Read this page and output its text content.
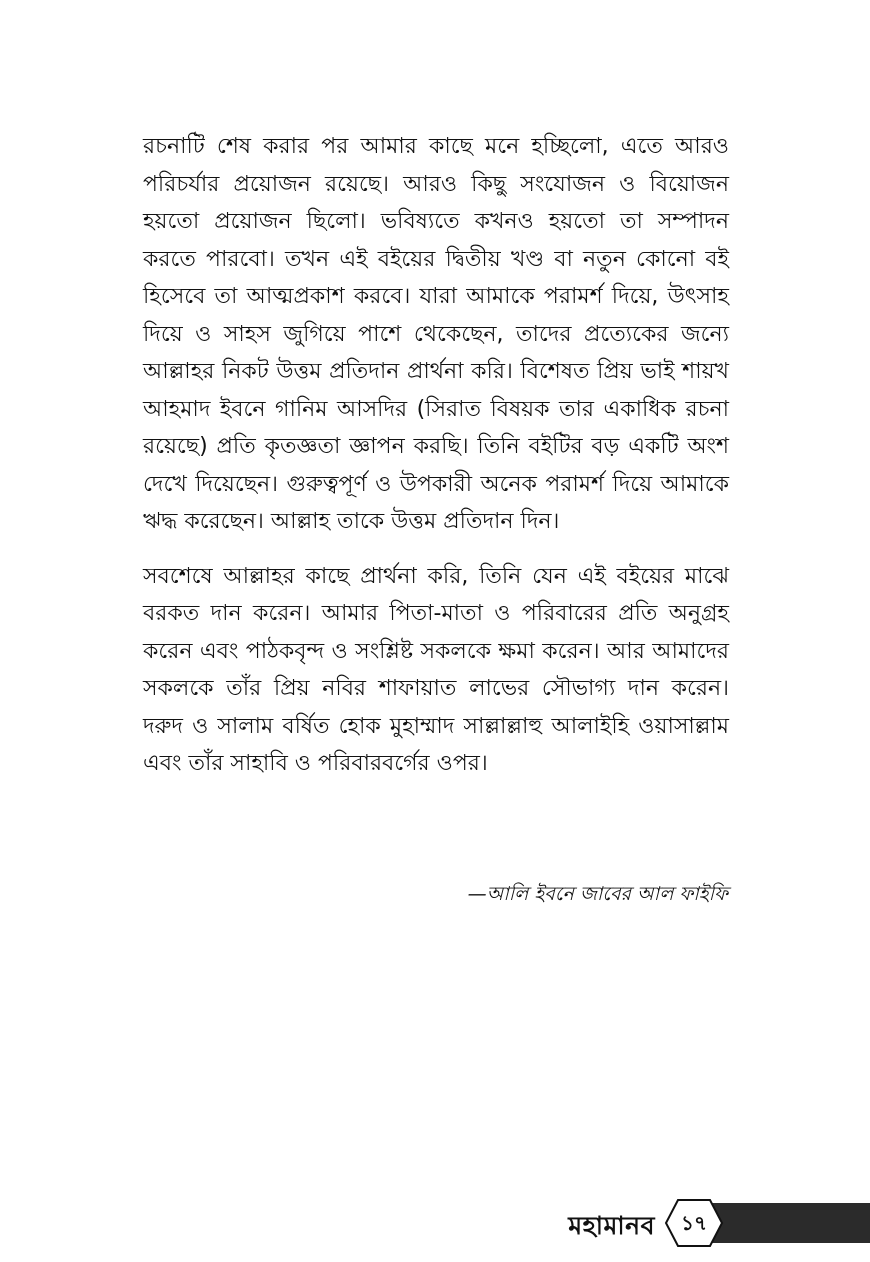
রচনাটি শেষ করার পর আমার কাছে মনে হচ্ছিলো, এতে আরও পরিচর্যার প্রয়োজন রয়েছে। আরও কিছু সংযোজন ও বিয়োজন হয়তো প্রয়োজন ছিলো। ভবিষ্যতে কখনও হয়তো তা সম্পাদন করতে পারবো। তখন এই বইয়ের দ্বিতীয় খণ্ড বা নতুন কোনো বই হিসেবে তা আত্মপ্রকাশ করবে। যারা আমাকে পরামর্শ দিয়ে, উৎসাহ দিয়ে ও সাহস জুগিয়ে পাশে থেকেছেন, তাদের প্রত্যেকের জন্যে আল্লাহর নিকট উত্তম প্রতিদান প্রার্থনা করি। বিশেষত প্রিয় ভাই শায়খ আহমাদ ইবনে গানিম আসদির (সিরাত বিষয়ক তার একাধিক রচনা রয়েছে) প্রতি কৃতজ্ঞতা জ্ঞাপন করছি। তিনি বইটির বড় একটি অংশ দেখে দিয়েছেন। গুরুত্বপূর্ণ ও উপকারী অনেক পরামর্শ দিয়ে আমাকে ঋদ্ধ করেছেন। আল্লাহ তাকে উত্তম প্রতিদান দিন।

সবশেষে আল্লাহর কাছে প্রার্থনা করি, তিনি যেন এই বইয়ের মাঝে বরকত দান করেন। আমার পিতা-মাতা ও পরিবারের প্রতি অনুগ্রহ করেন এবং পাঠকবৃন্দ ও সংশ্লিষ্ট সকলকে ক্ষমা করেন। আর আমাদের সকলকে তাঁর প্রিয় নবির শাফায়াত লাভের সৌভাগ্য দান করেন। দরুদ ও সালাম বর্ষিত হোক মুহাম্মাদ সাল্লাল্লাহু আলাইহি ওয়াসাল্লাম এবং তাঁর সাহাবি ও পরিবারবর্গের ওপর।

—আলি ইবনে জাবের আল ফাইফি
১৭
মহামানব
